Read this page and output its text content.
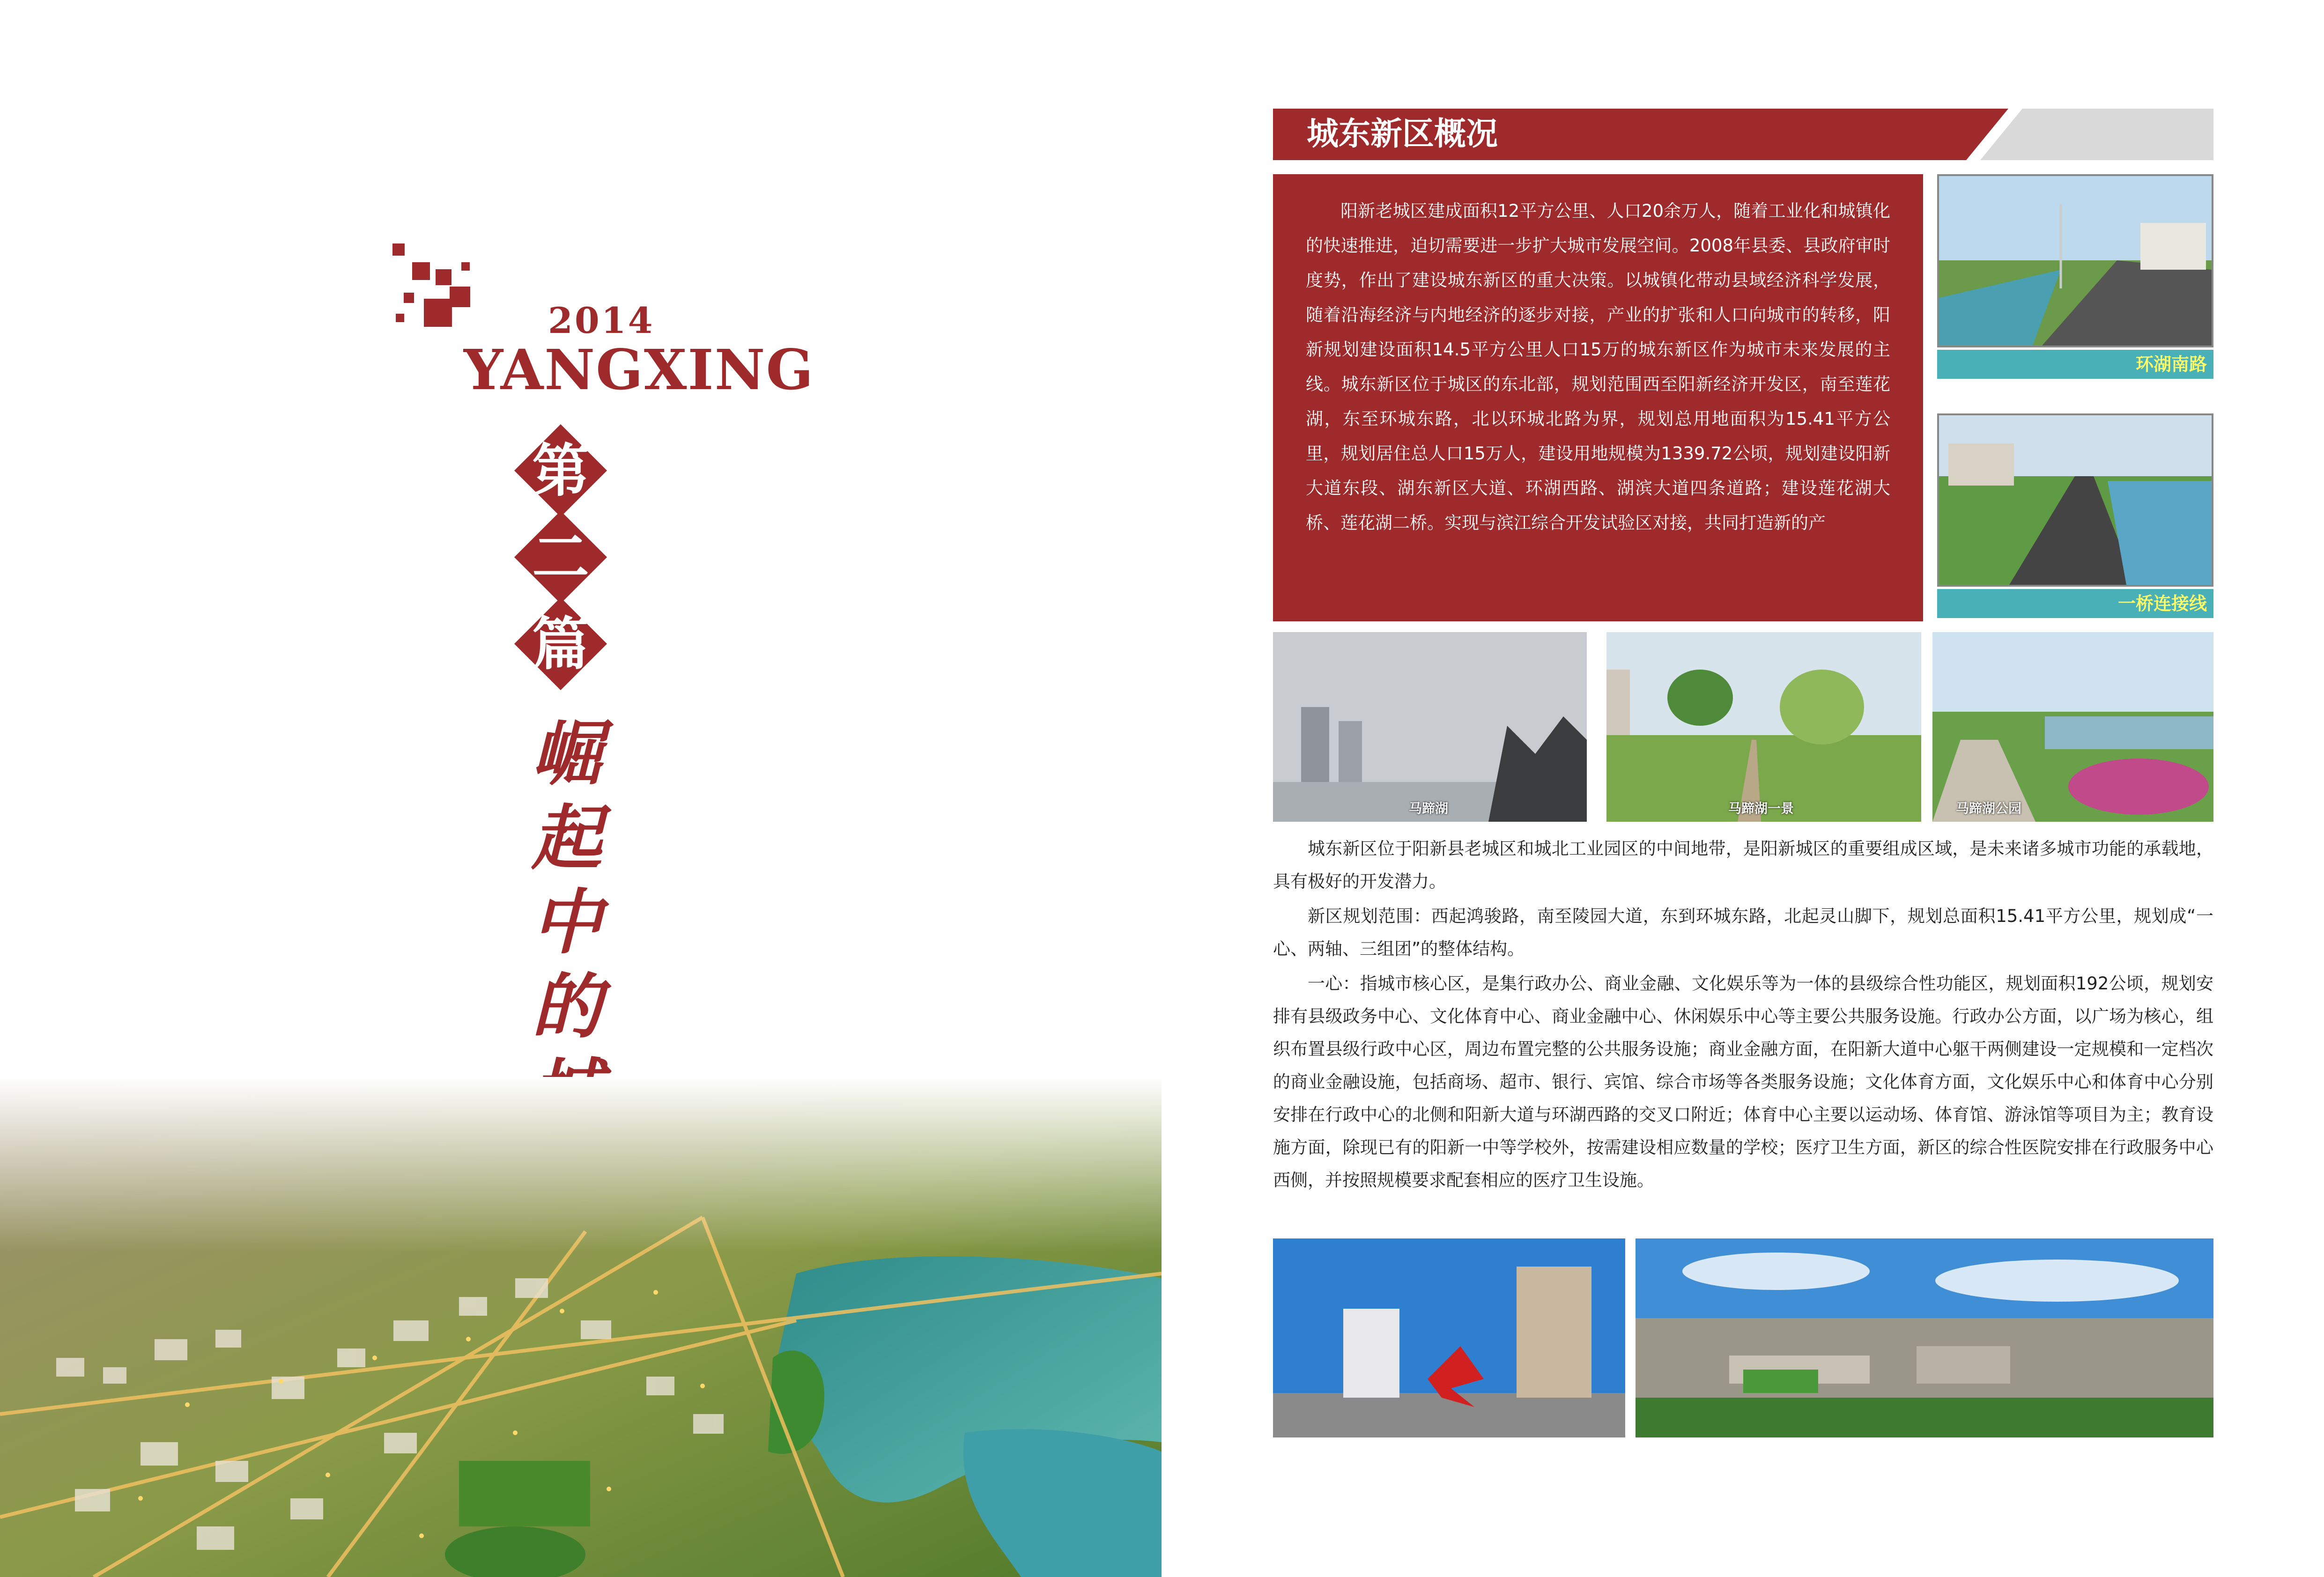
2014
YANGXING
第
二
篇
崛
起
中
的
城东新区概况
阳新老城区建成面积12平方公里、人口20余万人，随着工业化和城镇化的快速推进，迫切需要进一步扩大城市发展空间。2008年县委、县政府审时度势，作出了建设城东新区的重大决策。以城镇化带动县域经济科学发展，随着沿海经济与内地经济的逐步对接，产业的扩张和人口向城市的转移，阳新规划建设面积14.5平方公里人口15万的城东新区作为城市未来发展的主线。城东新区位于城区的东北部，规划范围西至阳新经济开发区，南至莲花湖，东至环城东路，北以环城北路为界，规划总用地面积为15.41平方公里，规划居住总人口15万人，建设用地规模为1339.72公顷，规划建设阳新大道东段、湖东新区大道、环湖西路、湖滨大道四条道路；建设莲花湖大桥、莲花湖二桥。实现与滨江综合开发试验区对接，共同打造新的产
环湖南路
一桥连接线
马蹄湖	马蹄湖一景	马蹄湖公园

城东新区位于阳新县老城区和城北工业园区的中间地带，是阳新城区的重要组成区域，是未来诸多城市功能的承载地，具有极好的开发潜力。

新区规划范围：西起鸿骏路，南至陵园大道，东到环城东路，北起灵山脚下，规划总面积15.41平方公里，规划成“一心、两轴、三组团”的整体结构。

一心：指城市核心区，是集行政办公、商业金融、文化娱乐等为一体的县级综合性功能区，规划面积192公顷，规划安排有县级政务中心、文化体育中心、商业金融中心、休闲娱乐中心等主要公共服务设施。行政办公方面，以广场为核心，组织布置县级行政中心区，周边布置完整的公共服务设施；商业金融方面，在阳新大道中心躯干两侧建设一定规模和一定档次的商业金融设施，包括商场、超市、银行、宾馆、综合市场等各类服务设施；文化体育方面，文化娱乐中心和体育中心分别安排在行政中心的北侧和阳新大道与环湖西路的交叉口附近；体育中心主要以运动场、体育馆、游泳馆等项目为主；教育设施方面，除现已有的阳新一中等学校外，按需建设相应数量的学校；医疗卫生方面，新区的综合性医院安排在行政服务中心西侧，并按照规模要求配套相应的医疗卫生设施。
